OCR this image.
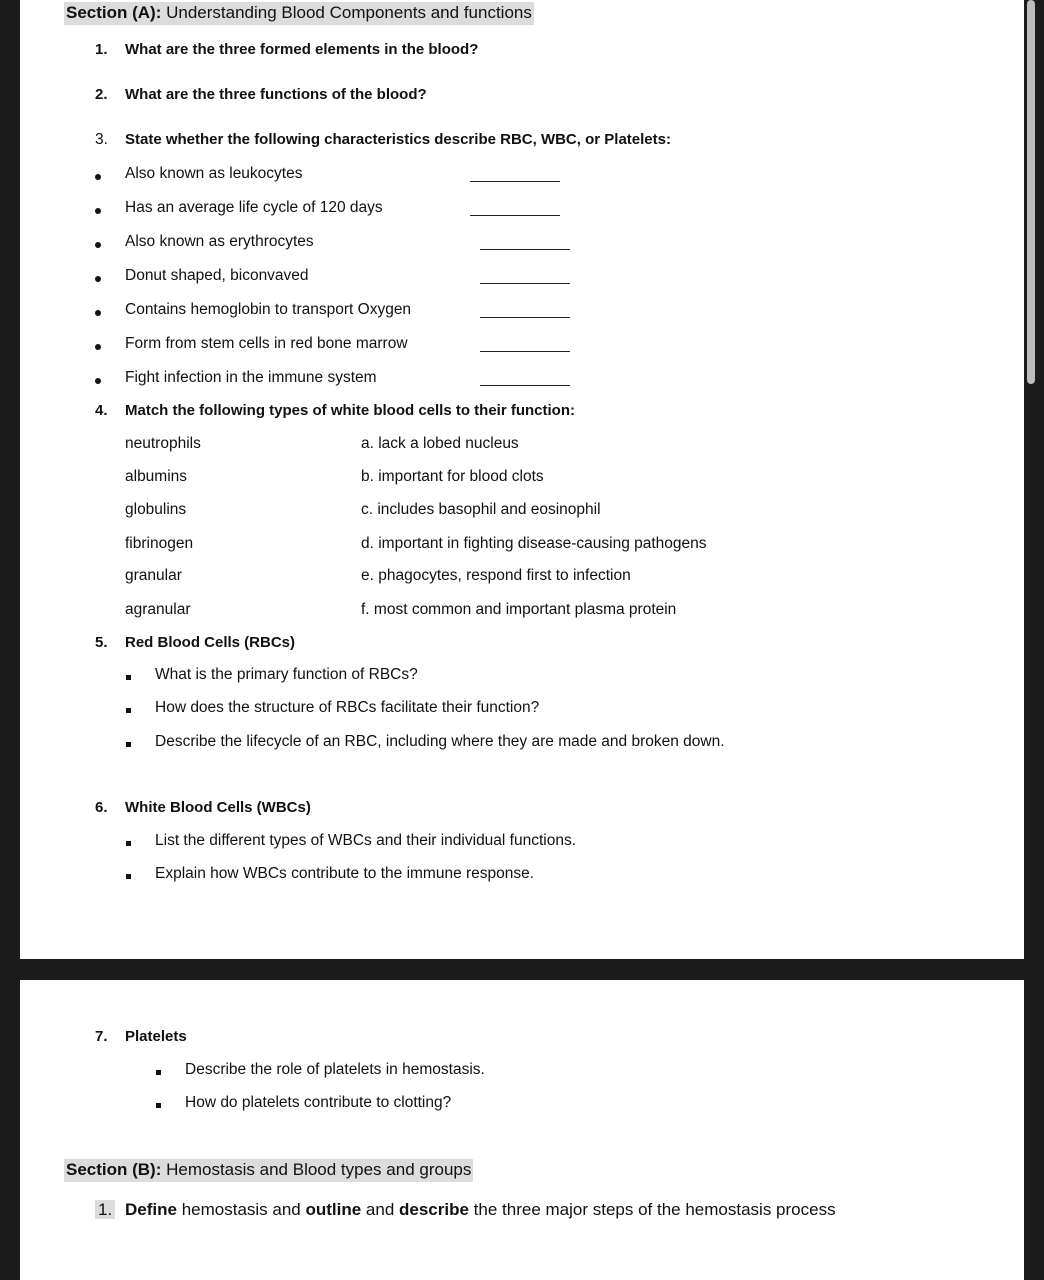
Section (A): Understanding Blood Components and functions
1. What are the three formed elements in the blood?
2. What are the three functions of the blood?
3. State whether the following characteristics describe RBC, WBC, or Platelets:
Also known as leukocytes
Has an average life cycle of 120 days
Also known as erythrocytes
Donut shaped, biconvaved
Contains hemoglobin to transport Oxygen
Form from stem cells in red bone marrow
Fight infection in the immune system
4. Match the following types of white blood cells to their function:
neutrophils	a. lack a lobed nucleus
albumins	b. important for blood clots
globulins	c. includes basophil and eosinophil
fibrinogen	d. important in fighting disease-causing pathogens
granular	e. phagocytes, respond first to infection
agranular	f. most common and important plasma protein
5. Red Blood Cells (RBCs)
What is the primary function of RBCs?
How does the structure of RBCs facilitate their function?
Describe the lifecycle of an RBC, including where they are made and broken down.
6. White Blood Cells (WBCs)
List the different types of WBCs and their individual functions.
Explain how WBCs contribute to the immune response.
7. Platelets
Describe the role of platelets in hemostasis.
How do platelets contribute to clotting?
Section (B): Hemostasis and Blood types and groups
1. Define hemostasis and outline and describe the three major steps of the hemostasis process
